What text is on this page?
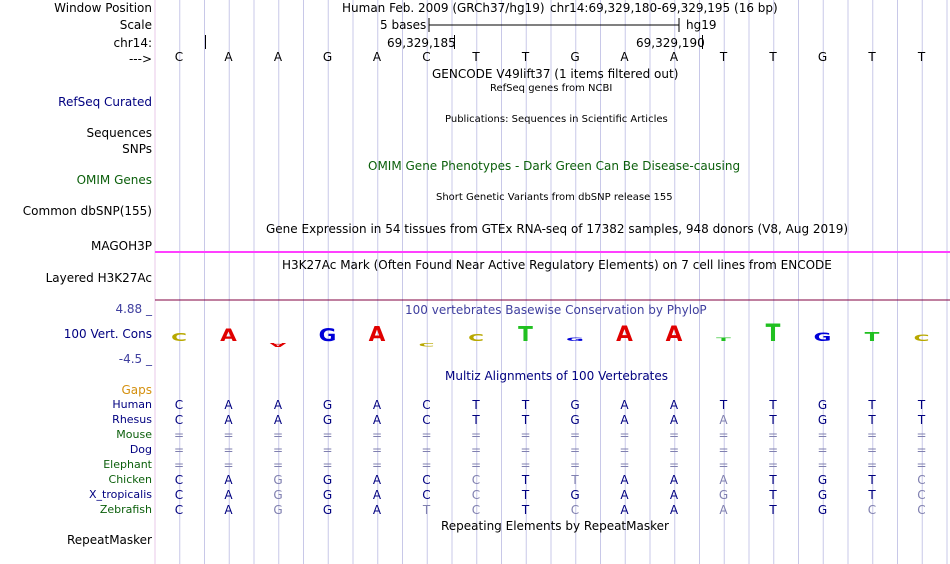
Window Position
Scale
chr14:
--->
RefSeq Curated
Sequences
SNPs
OMIM Genes
Common dbSNP(155)
MAGOH3P
Layered H3K27Ac
4.88 _
100 Vert. Cons
-4.5 _
Gaps
RepeatMasker
Human Feb. 2009 (GRCh37/hg19) chr14:69,329,180-69,329,195 (16 bp)
5 bases	hg19
69,329,185	69,329,190
C	A	A	G	A	C	T	T	G	A	A	T	T	G	T	T
GENCODE V49lift37 (1 items filtered out)
RefSeq genes from NCBI
Publications: Sequences in Scientific Articles
OMIM Gene Phenotypes - Dark Green Can Be Disease-causing
Short Genetic Variants from dbSNP release 155
Gene Expression in 54 tissues from GTEx RNA-seq of 17382 samples, 948 donors (V8, Aug 2019)
H3K27Ac Mark (Often Found Near Active Regulatory Elements) on 7 cell lines from ENCODE
100 vertebrates Basewise Conservation by PhyloP
C A A G A C
C T G A A T T G T C
Multiz Alignments of 100 Vertebrates
Human	C	A	A	G	A	C	T	T	G	A	A	T	T	G	T	T
Rhesus	C	A	A	G	A	C	T	T	G	A	A	A	T	G	T	T
Mouse	=	=	=	=	=	=	=	=	=	=	=	=	=	=	=	=
Dog	=	=	=	=	=	=	=	=	=	=	=	=	=	=	=	=
Elephant	=	=	=	=	=	=	=	=	=	=	=	=	=	=	=	=
Chicken	C	A	G	G	A	C	C	T	T	A	A	A	T	G	T	C
X_tropicalis	C	A	G	G	A	C	C	T	G	A	A	G	T	G	T	C
Zebrafish	C	A	G	G	A	T	C	T	C	A	A	A	T	G	C	C
Repeating Elements by RepeatMasker
